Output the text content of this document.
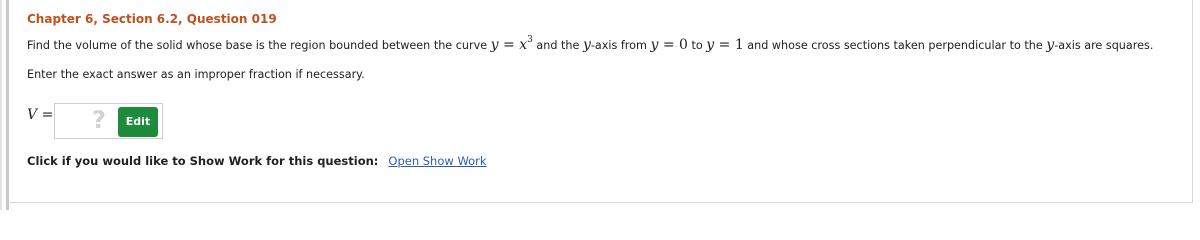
Chapter 6, Section 6.2, Question 019
Find the volume of the solid whose base is the region bounded between the curve $y = x^3$ and the y-axis from y = 0 to y = 1 and whose cross sections taken perpendicular to the y-axis are squares.
Enter the exact answer as an improper fraction if necessary.
V = ?	Edit
Click if you would like to Show Work for this question: Open Show Work
